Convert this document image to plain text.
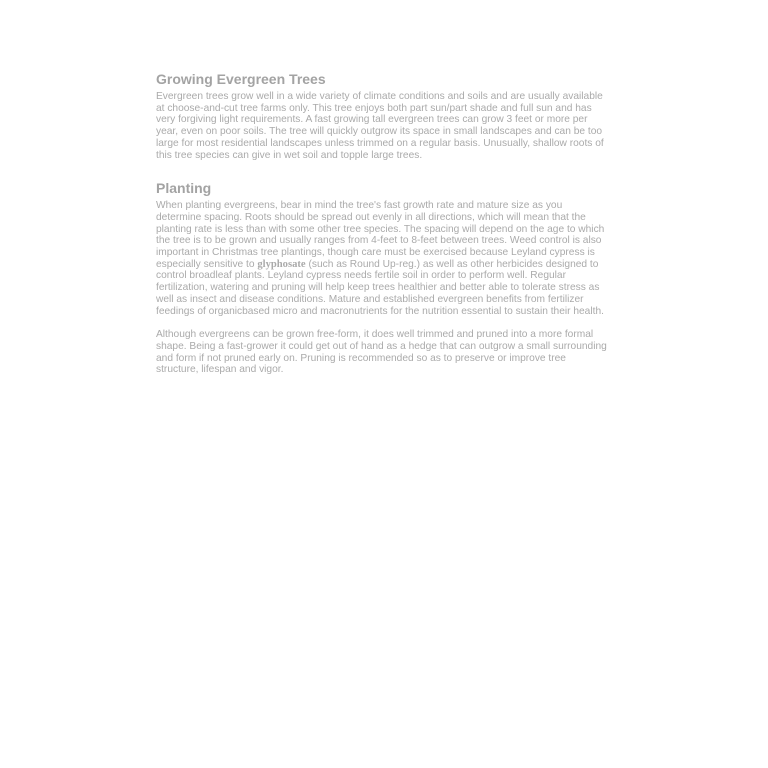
Growing Evergreen Trees

Evergreen trees grow well in a wide variety of climate conditions and soils and are usually available at choose-and-cut tree farms only. This tree enjoys both part sun/part shade and full sun and has very forgiving light requirements. A fast growing tall evergreen trees can grow 3 feet or more per year, even on poor soils. The tree will quickly outgrow its space in small landscapes and can be too large for most residential landscapes unless trimmed on a regular basis. Unusually, shallow roots of this tree species can give in wet soil and topple large trees.

Planting

When planting evergreens, bear in mind the tree's fast growth rate and mature size as you determine spacing. Roots should be spread out evenly in all directions, which will mean that the planting rate is less than with some other tree species. The spacing will depend on the age to which the tree is to be grown and usually ranges from 4-feet to 8-feet between trees. Weed control is also important in Christmas tree plantings, though care must be exercised because Leyland cypress is especially sensitive to glyphosate (such as Round Up-reg.) as well as other herbicides designed to control broadleaf plants. Leyland cypress needs fertile soil in order to perform well. Regular fertilization, watering and pruning will help keep trees healthier and better able to tolerate stress as well as insect and disease conditions. Mature and established evergreen benefits from fertilizer feedings of organicbased micro and macronutrients for the nutrition essential to sustain their health.

Although evergreens can be grown free-form, it does well trimmed and pruned into a more formal shape. Being a fast-grower it could get out of hand as a hedge that can outgrow a small surrounding and form if not pruned early on. Pruning is recommended so as to preserve or improve tree structure, lifespan and vigor.
